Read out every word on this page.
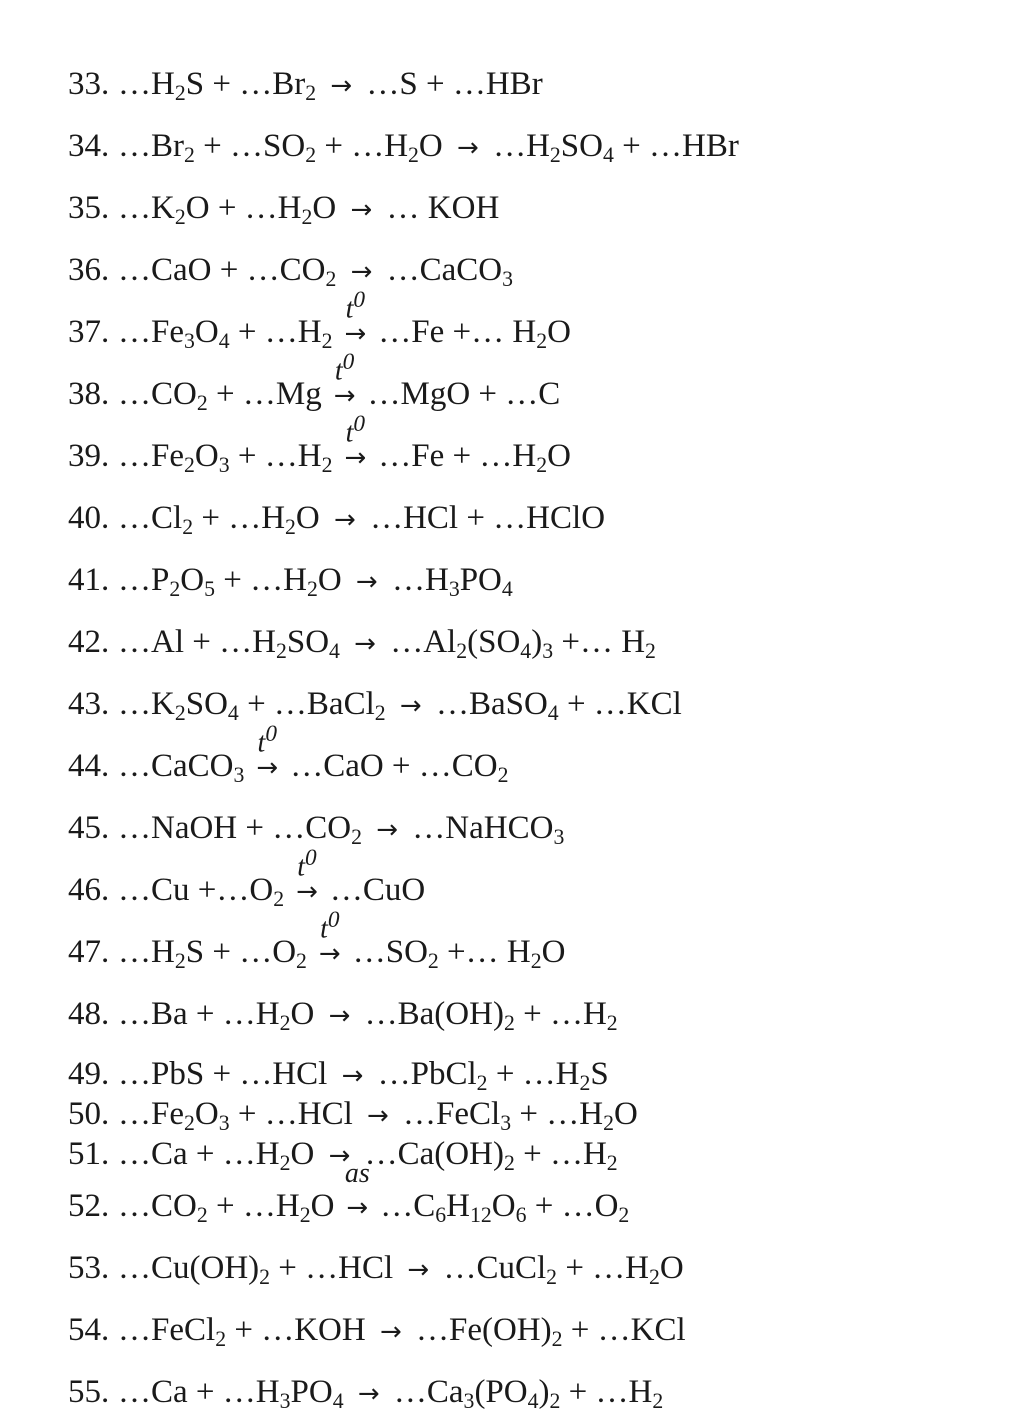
33. $\dots H_2S$ + $\dots Br_2$ → …S + …HBr
34. $\dots Br_2$ + $\dots SO_2$ + $\dots H_2O$ → $\dots H_2SO_4$ + …HBr
35. $\dots K_2O$ + $\dots H_2O$ → … KOH
36. …CaO + $\dots CO_2$ → …CaCO$_3$
37. $\dots Fe_3O_4$ + $\dots H_2$
$t^0$
→ …Fe +… $H_2O$
38. $\dots CO_2$ + …Mg
$t^0$
→ …MgO + …C
39. $\dots Fe_2O_3$ + $\dots H_2$
$t^0$
→ …Fe + $\dots H_2O$
40. $\dots Cl_2$ + $\dots H_2O$ → …HCl + …HClO
41. $\dots P_2O_5$ + $\dots H_2O$ → $\dots H_3PO_4$
42. …Al + $\dots H_2SO_4$ → $\dots Al_2(SO_4)_3$ +… $H_2$
43. $\dots K_2SO_4$ + …BaCl$_2$ → …BaSO$_4$ + …KCl
44. …CaCO$_3$
$t^0$
→ …CaO + $\dots CO_2$
45. …NaOH + $\dots CO_2$ → …NaHCO$_3$
46. …Cu $+\dots O_2$
$t^0$
→ …CuO
47. $\dots H_2S$ + $\dots O_2$
$t^0$
→ $\dots SO_2$ +… $H_2O$
48. …Ba + $\dots H_2O$ → $\dots Ba(OH)_2$ + $\dots H_2$
49. …PbS + …HCl → …PbCl$_2$ + $\dots H_2S$
50. $\dots Fe_2O_3$ + …HCl → …FeCl$_3$ + $\dots H_2O$
51. …Ca + $\dots H_2O$ → $\dots Ca(OH)_2$ + $\dots H_2$
52. $\dots CO_2$ + $\dots H_2O$
as
→ $\dots C_6H_{12}O_6$ + $\dots O_2$
53. $\dots Cu(OH)_2$ + …HCl → …CuCl$_2$ + $\dots H_2O$
54. …FeCl$_2$ + …KOH → $\dots Fe(OH)_2$ + …KCl
55. …Ca + $\dots H_3PO_4$ → $\dots Ca_3(PO_4)_2$ + $\dots H_2$
